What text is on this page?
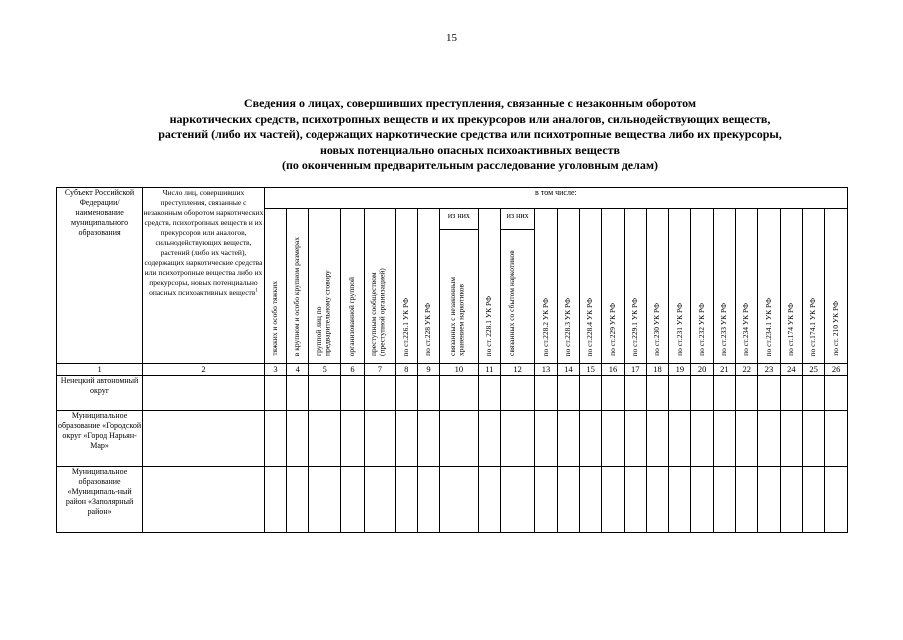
15
Сведения о лицах, совершивших преступления, связанные с незаконным оборотом
наркотических средств, психотропных веществ и их прекурсоров или аналогов, сильнодействующих веществ,
растений (либо их частей), содержащих наркотические средства или психотропные вещества либо их прекурсоры,
новых потенциально опасных психоактивных веществ
(по оконченным предварительным расследование уголовным делам)
Субъект Российской Федерации/ наименование муниципального образования	Число лиц, совершивших преступления, связанные с незаконным оборотом наркотических средств, психотропных веществ и их прекурсоров или аналогов, сильнодействующих веществ, растений (либо их частей), содержащих наркотические средства или психотропные вещества либо их прекурсоры, новых потенциально опасных психоактивных веществ$^1$	в том числе:																							
		тяжких и особо тяжких	в крупном и особо крупном размерах	группой лиц по предварительному сговору	организованной группой	преступным сообществом (преступной организацией)	по ст.226.1 УК РФ	по ст.228 УК РФ	из них	по ст. 228.1 УК РФ	из них	по ст.228.2 УК РФ	по ст.228.3 УК РФ	по ст.228.4 УК РФ	по ст.229 УК РФ	по ст.229.1 УК РФ	по ст.230 УК РФ	по ст.231 УК РФ	по ст.232 УК РФ	по ст.233 УК РФ	по ст.234 УК РФ	по ст.234.1 УК РФ	по ст.174 УК РФ	по ст.174.1 УК РФ	по ст. 210 УК РФ
									связанных с незаконным хранением наркотиков		связанных со сбытом наркотиков														
1	2	3	4	5	6	7	8	9	10	11	12	13	14	15	16	17	18	19	20	21	22	23	24	25	26
Ненецкий автономный округ																									
Муниципальное образование «Городской округ «Город Нарьян-Мар»																									
Муниципальное образование «Муниципаль-ный район «Заполярный район»																									
